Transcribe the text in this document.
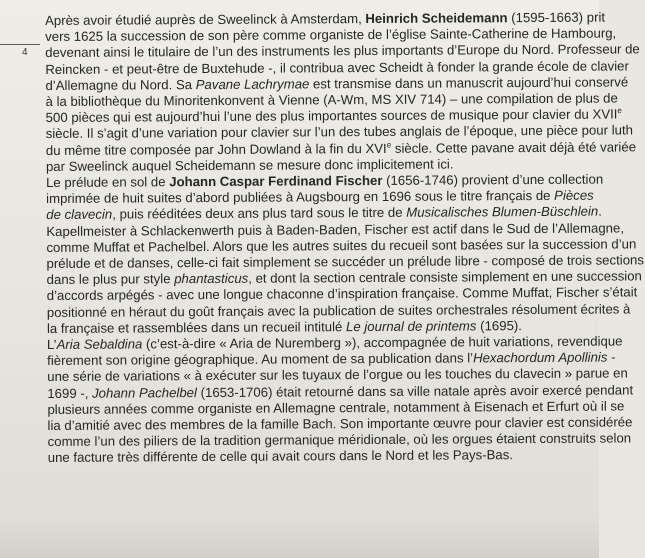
4
Après avoir étudié auprès de Sweelinck à Amsterdam, Heinrich Scheidemann (1595-1663) prit
vers 1625 la succession de son père comme organiste de l’église Sainte-Catherine de Hambourg,
devenant ainsi le titulaire de l’un des instruments les plus importants d’Europe du Nord. Professeur de
Reincken - et peut-être de Buxtehude -, il contribua avec Scheidt à fonder la grande école de clavier
d’Allemagne du Nord. Sa Pavane Lachrymae est transmise dans un manuscrit aujourd’hui conservé
à la bibliothèque du Minoritenkonvent à Vienne (A-Wm, MS XIV 714) – une compilation de plus de
500 pièces qui est aujourd’hui l’une des plus importantes sources de musique pour clavier du XVIIe
siècle. Il s’agit d’une variation pour clavier sur l’un des tubes anglais de l’époque, une pièce pour luth
du même titre composée par John Dowland à la fin du XVIe siècle. Cette pavane avait déjà été variée
par Sweelinck auquel Scheidemann se mesure donc implicitement ici.
Le prélude en sol de Johann Caspar Ferdinand Fischer (1656-1746) provient d’une collection
imprimée de huit suites d’abord publiées à Augsbourg en 1696 sous le titre français de Pièces
de clavecin, puis rééditées deux ans plus tard sous le titre de Musicalisches Blumen-Büschlein.
Kapellmeister à Schlackenwerth puis à Baden-Baden, Fischer est actif dans le Sud de l’Allemagne,
comme Muffat et Pachelbel. Alors que les autres suites du recueil sont basées sur la succession d’un
prélude et de danses, celle-ci fait simplement se succéder un prélude libre - composé de trois sections
dans le plus pur style phantasticus, et dont la section centrale consiste simplement en une succession
d’accords arpégés - avec une longue chaconne d’inspiration française. Comme Muffat, Fischer s’était
positionné en héraut du goût français avec la publication de suites orchestrales résolument écrites à
la française et rassemblées dans un recueil intitulé Le journal de printems (1695).
L’Aria Sebaldina (c’est-à-dire « Aria de Nuremberg »), accompagnée de huit variations, revendique
fièrement son origine géographique. Au moment de sa publication dans l’Hexachordum Apollinis -
une série de variations « à exécuter sur les tuyaux de l’orgue ou les touches du clavecin » parue en
1699 -, Johann Pachelbel (1653-1706) était retourné dans sa ville natale après avoir exercé pendant
plusieurs années comme organiste en Allemagne centrale, notamment à Eisenach et Erfurt où il se
lia d’amitié avec des membres de la famille Bach. Son importante œuvre pour clavier est considérée
comme l’un des piliers de la tradition germanique méridionale, où les orgues étaient construits selon
une facture très différente de celle qui avait cours dans le Nord et les Pays-Bas.
